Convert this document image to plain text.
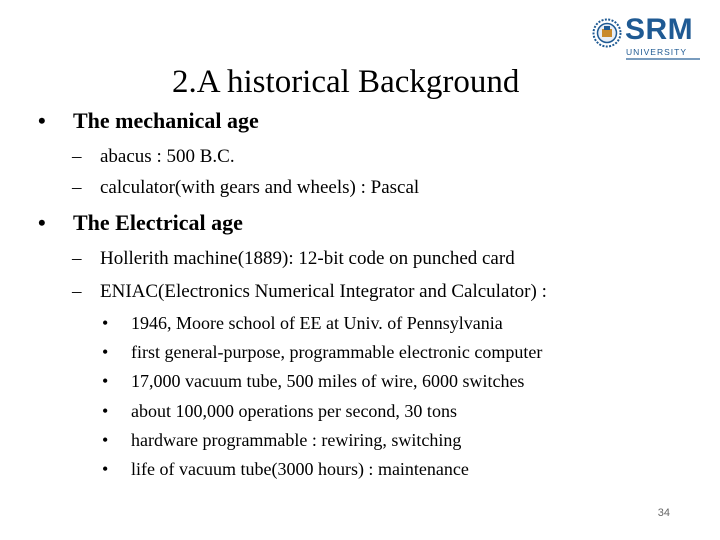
SRM
UNIVERSITY
2.A historical Background
• The mechanical age
– abacus : 500 B.C.
– calculator(with gears and wheels) : Pascal
• The Electrical age
– Hollerith machine(1889): 12-bit code on punched card
– ENIAC(Electronics Numerical Integrator and Calculator) :
• 1946, Moore school of EE at Univ. of Pennsylvania
• first general-purpose, programmable electronic computer
• 17,000 vacuum tube, 500 miles of wire, 6000 switches
• about 100,000 operations per second, 30 tons
• hardware programmable : rewiring, switching
• life of vacuum tube(3000 hours) : maintenance
34
